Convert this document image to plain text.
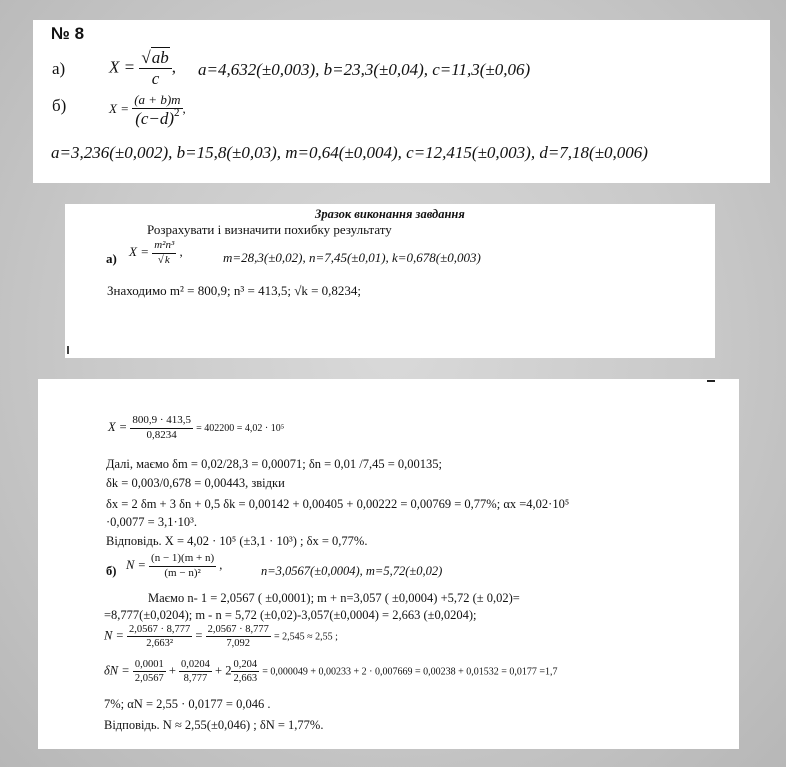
№ 8
а)	$X = \frac{√ab}{c}$ , a=4,632(±0,003), b=23,3(±0,04), c=11,3(±0,06)
б)	$X = \frac{(a + b)m}{(c-d)^2}$ ,
a=3,236(±0,002), b=15,8(±0,03), m=0,64(±0,004), c=12,415(±0,003), d=7,18(±0,006)
Зразок виконання завдання
Розрахувати і визначити похибку результату
а) $X = \frac{\text{m²n³}}{√k}$ ,	m=28,3(±0,02), n=7,45(±0,01), k=0,678(±0,003)
Знаходимо m² = 800,9; n³ = 413,5; √k = 0,8234;
$X = \frac{800,9 \cdot 413,5}{0,8234} = 402200 = 4,02 \cdot 10^5$
Далі, маємо δm = 0,02/28,3 = 0,00071; δn = 0,01 /7,45 = 0,00135;
δk = 0,003/0,678 = 0,00443, звідки
δx = 2 δm + 3 δn + 0,5 δk = 0,00142 + 0,00405 + 0,00222 = 0,00769 = 0,77%; αx =4,02·10⁵
·0,0077 = 3,1·10³.
Відповідь. X = 4,02 · 10⁵ (±3,1 · 10³) ; δx = 0,77%.
б) $N = \frac{(n - 1)(m + n)}{\text{(m − n)²}}$ ,	n=3,0567(±0,0004), m=5,72(±0,02)
Маємо n- 1 = 2,0567 ( ±0,0001); m + n=3,057 ( ±0,0004) +5,72 (± 0,02)=
=8,777(±0,0204); m - n = 5,72 (±0,02)-3,057(±0,0004) = 2,663 (±0,0204);
$N = \frac{2,0567 \cdot 8,777}{\text{2,663²}} = \frac{2,0567 \cdot 8,777}{7,092} = 2,545 \approx 2,55$ ;
$\delta N = \frac{0,0001}{2,0567} + \frac{0,0204}{8,777} + 2 \frac{0,204}{2,663} = 0,000049 + 0,00233 + 2 \cdot 0,007669 = 0,00238 + 0,01532 = 0,0177 =1,7$
7%; αN = 2,55 · 0,0177 = 0,046 .
Відповідь. N ≈ 2,55(±0,046) ; δN = 1,77%.
